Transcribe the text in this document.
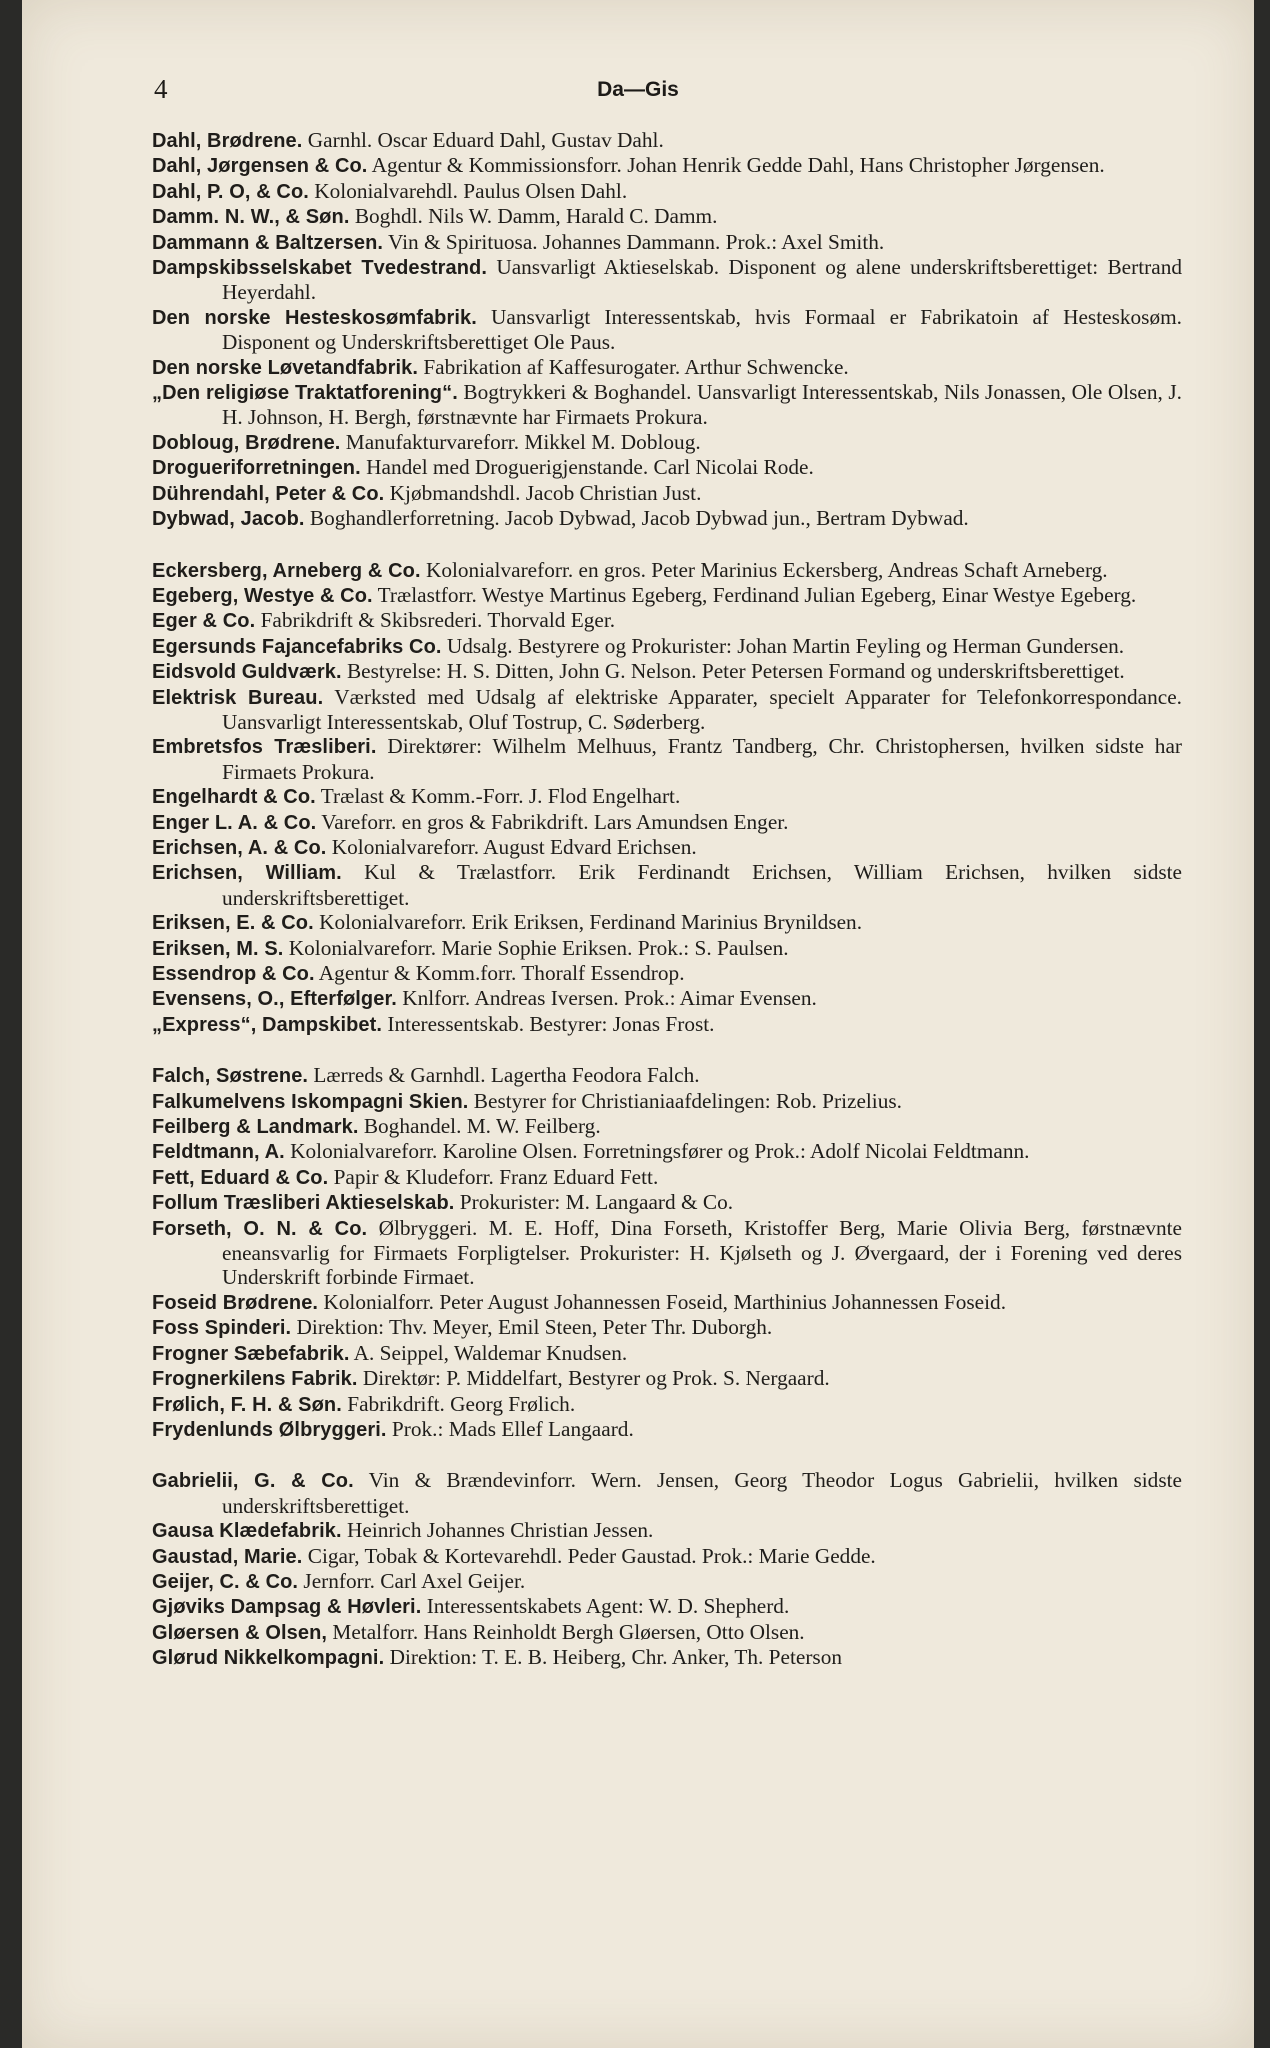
4	Da—Gis
Dahl, Brødrene. Garnhl. Oscar Eduard Dahl, Gustav Dahl.
Dahl, Jørgensen & Co. Agentur & Kommissionsforr. Johan Henrik Gedde Dahl, Hans Christopher Jørgensen.
Dahl, P. O, & Co. Kolonialvarehdl. Paulus Olsen Dahl.
Damm. N. W., & Søn. Boghdl. Nils W. Damm, Harald C. Damm.
Dammann & Baltzersen. Vin & Spirituosa. Johannes Dammann. Prok.: Axel Smith.
Dampskibsselskabet Tvedestrand. Uansvarligt Aktieselskab. Disponent og alene underskriftsberettiget: Bertrand Heyerdahl.
Den norske Hesteskosømfabrik. Uansvarligt Interessentskab, hvis Formaal er Fabrikatoin af Hesteskosøm. Disponent og Underskriftsberettiget Ole Paus.
Den norske Løvetandfabrik. Fabrikation af Kaffesurogater. Arthur Schwencke.
„Den religiøse Traktatforening“. Bogtrykkeri & Boghandel. Uansvarligt Interessentskab, Nils Jonassen, Ole Olsen, J. H. Johnson, H. Bergh, førstnævnte har Firmaets Prokura.
Dobloug, Brødrene. Manufakturvareforr. Mikkel M. Dobloug.
Drogueriforretningen. Handel med Droguerigjenstande. Carl Nicolai Rode.
Dührendahl, Peter & Co. Kjøbmandshdl. Jacob Christian Just.
Dybwad, Jacob. Boghandlerforretning. Jacob Dybwad, Jacob Dybwad jun., Bertram Dybwad.
Eckersberg, Arneberg & Co. Kolonialvareforr. en gros. Peter Marinius Eckersberg, Andreas Schaft Arneberg.
Egeberg, Westye & Co. Trælastforr. Westye Martinus Egeberg, Ferdinand Julian Egeberg, Einar Westye Egeberg.
Eger & Co. Fabrikdrift & Skibsrederi. Thorvald Eger.
Egersunds Fajancefabriks Co. Udsalg. Bestyrere og Prokurister: Johan Martin Feyling og Herman Gundersen.
Eidsvold Guldværk. Bestyrelse: H. S. Ditten, John G. Nelson. Peter Petersen Formand og underskriftsberettiget.
Elektrisk Bureau. Værksted med Udsalg af elektriske Apparater, specielt Apparater for Telefonkorrespondance. Uansvarligt Interessentskab, Oluf Tostrup, C. Søderberg.
Embretsfos Træsliberi. Direktører: Wilhelm Melhuus, Frantz Tandberg, Chr. Christophersen, hvilken sidste har Firmaets Prokura.
Engelhardt & Co. Trælast & Komm.-Forr. J. Flod Engelhart.
Enger L. A. & Co. Vareforr. en gros & Fabrikdrift. Lars Amundsen Enger.
Erichsen, A. & Co. Kolonialvareforr. August Edvard Erichsen.
Erichsen, William. Kul & Trælastforr. Erik Ferdinandt Erichsen, William Erichsen, hvilken sidste underskriftsberettiget.
Eriksen, E. & Co. Kolonialvareforr. Erik Eriksen, Ferdinand Marinius Brynildsen.
Eriksen, M. S. Kolonialvareforr. Marie Sophie Eriksen. Prok.: S. Paulsen.
Essendrop & Co. Agentur & Komm.forr. Thoralf Essendrop.
Evensens, O., Efterfølger. Knlforr. Andreas Iversen. Prok.: Aimar Evensen.
„Express“, Dampskibet. Interessentskab. Bestyrer: Jonas Frost.
Falch, Søstrene. Lærreds & Garnhdl. Lagertha Feodora Falch.
Falkumelvens Iskompagni Skien. Bestyrer for Christianiaafdelingen: Rob. Prizelius.
Feilberg & Landmark. Boghandel. M. W. Feilberg.
Feldtmann, A. Kolonialvareforr. Karoline Olsen. Forretningsfører og Prok.: Adolf Nicolai Feldtmann.
Fett, Eduard & Co. Papir & Kludeforr. Franz Eduard Fett.
Follum Træsliberi Aktieselskab. Prokurister: M. Langaard & Co.
Forseth, O. N. & Co. Ølbryggeri. M. E. Hoff, Dina Forseth, Kristoffer Berg, Marie Olivia Berg, førstnævnte eneansvarlig for Firmaets Forpligtelser. Prokurister: H. Kjølseth og J. Øvergaard, der i Forening ved deres Underskrift forbinde Firmaet.
Foseid Brødrene. Kolonialforr. Peter August Johannessen Foseid, Marthinius Johannessen Foseid.
Foss Spinderi. Direktion: Thv. Meyer, Emil Steen, Peter Thr. Duborgh.
Frogner Sæbefabrik. A. Seippel, Waldemar Knudsen.
Frognerkilens Fabrik. Direktør: P. Middelfart, Bestyrer og Prok. S. Nergaard.
Frølich, F. H. & Søn. Fabrikdrift. Georg Frølich.
Frydenlunds Ølbryggeri. Prok.: Mads Ellef Langaard.
Gabrielii, G. & Co. Vin & Brændevinforr. Wern. Jensen, Georg Theodor Logus Gabrielii, hvilken sidste underskriftsberettiget.
Gausa Klædefabrik. Heinrich Johannes Christian Jessen.
Gaustad, Marie. Cigar, Tobak & Kortevarehdl. Peder Gaustad. Prok.: Marie Gedde.
Geijer, C. & Co. Jernforr. Carl Axel Geijer.
Gjøviks Dampsag & Høvleri. Interessentskabets Agent: W. D. Shepherd.
Gløersen & Olsen, Metalforr. Hans Reinholdt Bergh Gløersen, Otto Olsen.
Glørud Nikkelkompagni. Direktion: T. E. B. Heiberg, Chr. Anker, Th. Peterson
